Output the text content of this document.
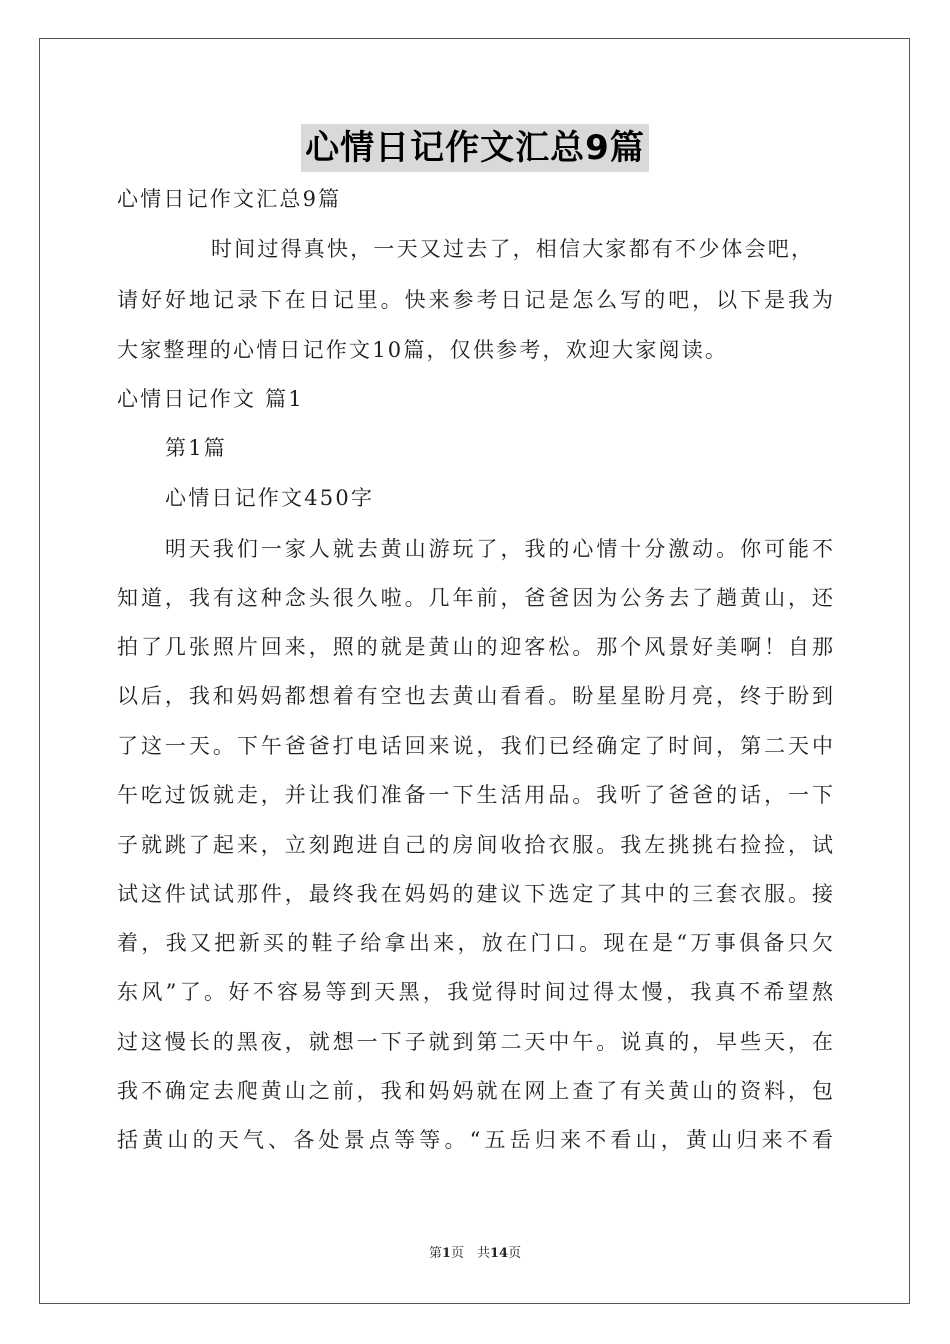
心情日记作文汇总9篇
心情日记作文汇总9篇
时间过得真快，一天又过去了，相信大家都有不少体会吧，
请好好地记录下在日记里。快来参考日记是怎么写的吧，以下是我为
大家整理的心情日记作文10篇，仅供参考，欢迎大家阅读。
心情日记作文 篇1
第1篇
心情日记作文450字
明天我们一家人就去黄山游玩了，我的心情十分激动。你可能不
知道，我有这种念头很久啦。几年前，爸爸因为公务去了趟黄山，还
拍了几张照片回来，照的就是黄山的迎客松。那个风景好美啊！自那
以后，我和妈妈都想着有空也去黄山看看。盼星星盼月亮，终于盼到
了这一天。下午爸爸打电话回来说，我们已经确定了时间，第二天中
午吃过饭就走，并让我们准备一下生活用品。我听了爸爸的话，一下
子就跳了起来，立刻跑进自己的房间收拾衣服。我左挑挑右捡捡，试
试这件试试那件，最终我在妈妈的建议下选定了其中的三套衣服。接
着，我又把新买的鞋子给拿出来，放在门口。现在是“万事俱备只欠
东风”了。好不容易等到天黑，我觉得时间过得太慢，我真不希望熬
过这慢长的黑夜，就想一下子就到第二天中午。说真的，早些天，在
我不确定去爬黄山之前，我和妈妈就在网上查了有关黄山的资料，包
括黄山的天气、各处景点等等。“五岳归来不看山，黄山归来不看
第1页　共14页
